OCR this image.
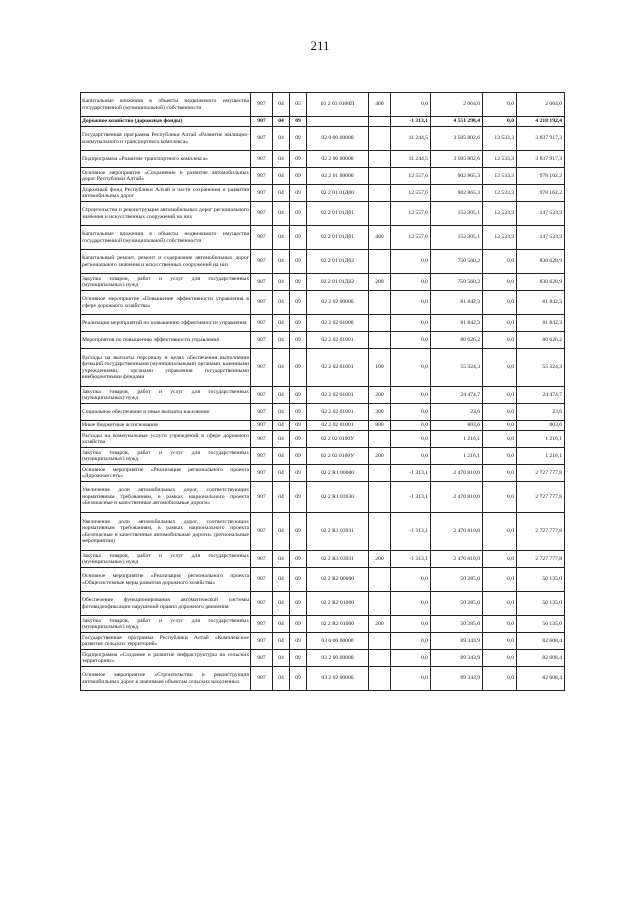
211
Капитальные вложения в объекты недвижимого имущества государственной (муниципальной) собственности	907	04	05	01 2 03 0100П	400	0,0	2 064,0	0,0	2 064,0
Дорожное хозяйство (дорожные фонды)	907	04	09			-1 313,1	4 551 298,4	0,0	4 218 192,4
Государственная программа Республики Алтай «Развитие жилищно-коммунального и транспортного комплекса»	907	04	09	02 0 00 00000		11 244,5	3 505 802,6	12 533,3	3 837 917,3
Подпрограмма «Развитие транспортного комплекса»	907	04	09	02 2 00 00000		11 244,5	3 505 802,6	12 533,3	3 837 917,3
Основное мероприятие «Сохранение и развитие автомобильных дорог Республики Алтай»	907	04	09	02 2 01 00000		12 557,6	902 865,3	12 533,3	978 162,2
Дорожный фонд Республики Алтай в части сохранения и развития автомобильных дорог	907	04	09	02 2 01 01Д00		12 557,6	902 865,3	12 533,3	978 162,2
Строительство и реконструкция автомобильных дорог регионального значения и искусственных сооружений на них	907	04	09	02 2 01 01Д01		12 557,6	152 305,1	12 533,3	147 533,3
Капитальные вложения в объекты недвижимого имущества государственной (муниципальной) собственности	907	04	09	02 2 01 01Д01	400	12 557,6	152 305,1	12 533,3	147 533,3
Капитальный ремонт, ремонт и содержание автомобильных дорог регионального значения и искусственных сооружений на них	907	04	09	02 2 01 01Д02		0,0	750 560,2	0,0	830 628,9
Закупка товаров, работ и услуг для государственных (муниципальных) нужд	907	04	09	02 2 01 01Д02	200	0,0	750 560,2	0,0	830 628,9
Основное мероприятие «Повышение эффективности управления в сфере дорожного хозяйства»	907	04	09	02 2 02 00000		0,0	81 842,3	0,0	81 842,3
Реализация мероприятий по повышению эффективности управления	907	04	09	02 2 02 01000		0,0	81 842,3	0,0	81 842,3
Мероприятия по повышению эффективности управления	907	04	09	02 2 02 01001		0,0	80 626,2	0,0	80 626,2
Расходы на выплаты персоналу в целях обеспечения выполнения функций государственными (муниципальными) органами, казенными учреждениями, органами управления государственными внебюджетными фондами	907	04	09	02 2 02 01001	100	0,0	55 324,3	0,0	55 324,3
Закупка товаров, работ и услуг для государственных (муниципальных) нужд	907	04	09	02 2 02 01001	200	0,0	24 474,7	0,0	24 474,7
Социальное обеспечение и иные выплаты населению	907	04	09	02 2 02 01001	300	0,0	23,6	0,0	23,6
Иные бюджетные ассигнования	907	04	09	02 2 02 01001	800	0,0	803,6	0,0	803,6
Расходы на коммунальные услуги учреждений в сфере дорожного хозяйства	907	04	09	02 2 02 0100У		0,0	1 216,1	0,0	1 216,1
Закупка товаров, работ и услуг для государственных (муниципальных) нужд	907	04	09	02 2 02 0100У	200	0,0	1 216,1	0,0	1 216,1
Основное мероприятие «Реализация регионального проекта «Дорожная сеть»	907	04	09	02 2 R1 00000		-1 313,1	2 470 810,0	0,0	2 727 777,8
Увеличение доли автомобильных дорог, соответствующих нормативным требованиям, в рамках национального проекта «Безопасные и качественные автомобильные дороги»	907	04	09	02 2 R1 03930		-1 313,1	2 470 810,0	0,0	2 727 777,8
Увеличение доли автомобильных дорог, соответствующих нормативным требованиям, в рамках национального проекта «Безопасные и качественные автомобильные дороги» (региональные мероприятия)	907	04	09	02 2 R1 03931		-1 313,1	2 470 810,0	0,0	2 727 777,8
Закупка товаров, работ и услуг для государственных (муниципальных) нужд	907	04	09	02 2 R1 03931	200	-1 313,1	2 470 810,0	0,0	2 727 777,8
Основное мероприятие «Реализация регионального проекта «Общесистемные меры развития дорожного хозяйства»	907	04	09	02 2 R2 00000		0,0	50 285,0	0,0	50 135,0
Обеспечение функционирования автоматической системы фотовидеофиксации нарушений правил дорожного движения	907	04	09	02 2 R2 01000		0,0	50 285,0	0,0	50 135,0
Закупка товаров, работ и услуг для государственных (муниципальных) нужд	907	04	09	02 2 R2 01000	200	0,0	50 285,0	0,0	50 135,0
Государственная программа Республики Алтай «Комплексное развитие сельских территорий»	907	04	09	03 0 00 00000		0,0	89 343,9	0,0	82 608,4
Подпрограмма «Создание и развитие инфраструктуры на сельских территориях»	907	04	09	03 2 00 00000		0,0	89 343,9	0,0	82 608,4
Основное мероприятие «Строительство и реконструкция автомобильных дорог к значимым объектам сельских населенных	907	04	09	03 2 02 00000		0,0	89 343,9	0,0	82 608,4
